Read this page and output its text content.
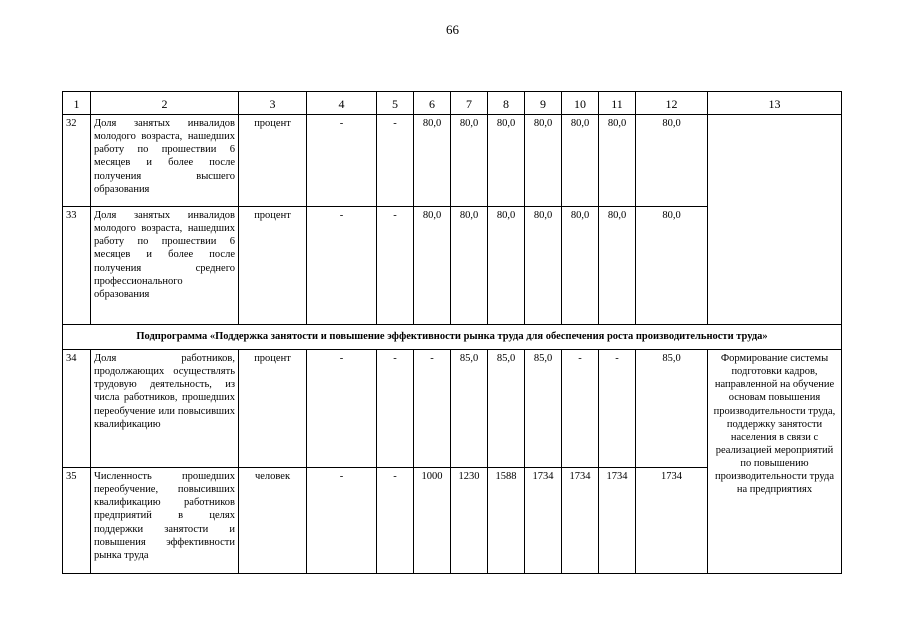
66
1	2	3	4	5	6	7	8	9	10	11	12	13
32	Доля занятых инвалидов молодого возраста, нашедших работу по прошествии 6 месяцев и более после получения высшего образования	процент	-	-	80,0	80,0	80,0	80,0	80,0	80,0	80,0	
33	Доля занятых инвалидов молодого возраста, нашедших работу по прошествии 6 месяцев и более после получения среднего профессионального образования	процент	-	-	80,0	80,0	80,0	80,0	80,0	80,0	80,0	
Подпрограмма «Поддержка занятости и повышение эффективности рынка труда для обеспечения роста производительности труда»												
34	Доля работников, продолжающих осуществлять трудовую деятельность, из числа работников, прошедших переобучение или повысивших квалификацию	процент	-	-	-	85,0	85,0	85,0	-	-	85,0	Формирование системы подготовки кадров, направленной на обучение основам повышения производительности труда, поддержку занятости населения в связи с реализацией мероприятий по повышению производительности труда на предприятиях
35	Численность прошедших переобучение, повысивших квалификацию работников предприятий в целях поддержки занятости и повышения эффективности рынка труда	человек	-	-	1000	1230	1588	1734	1734	1734	1734	
